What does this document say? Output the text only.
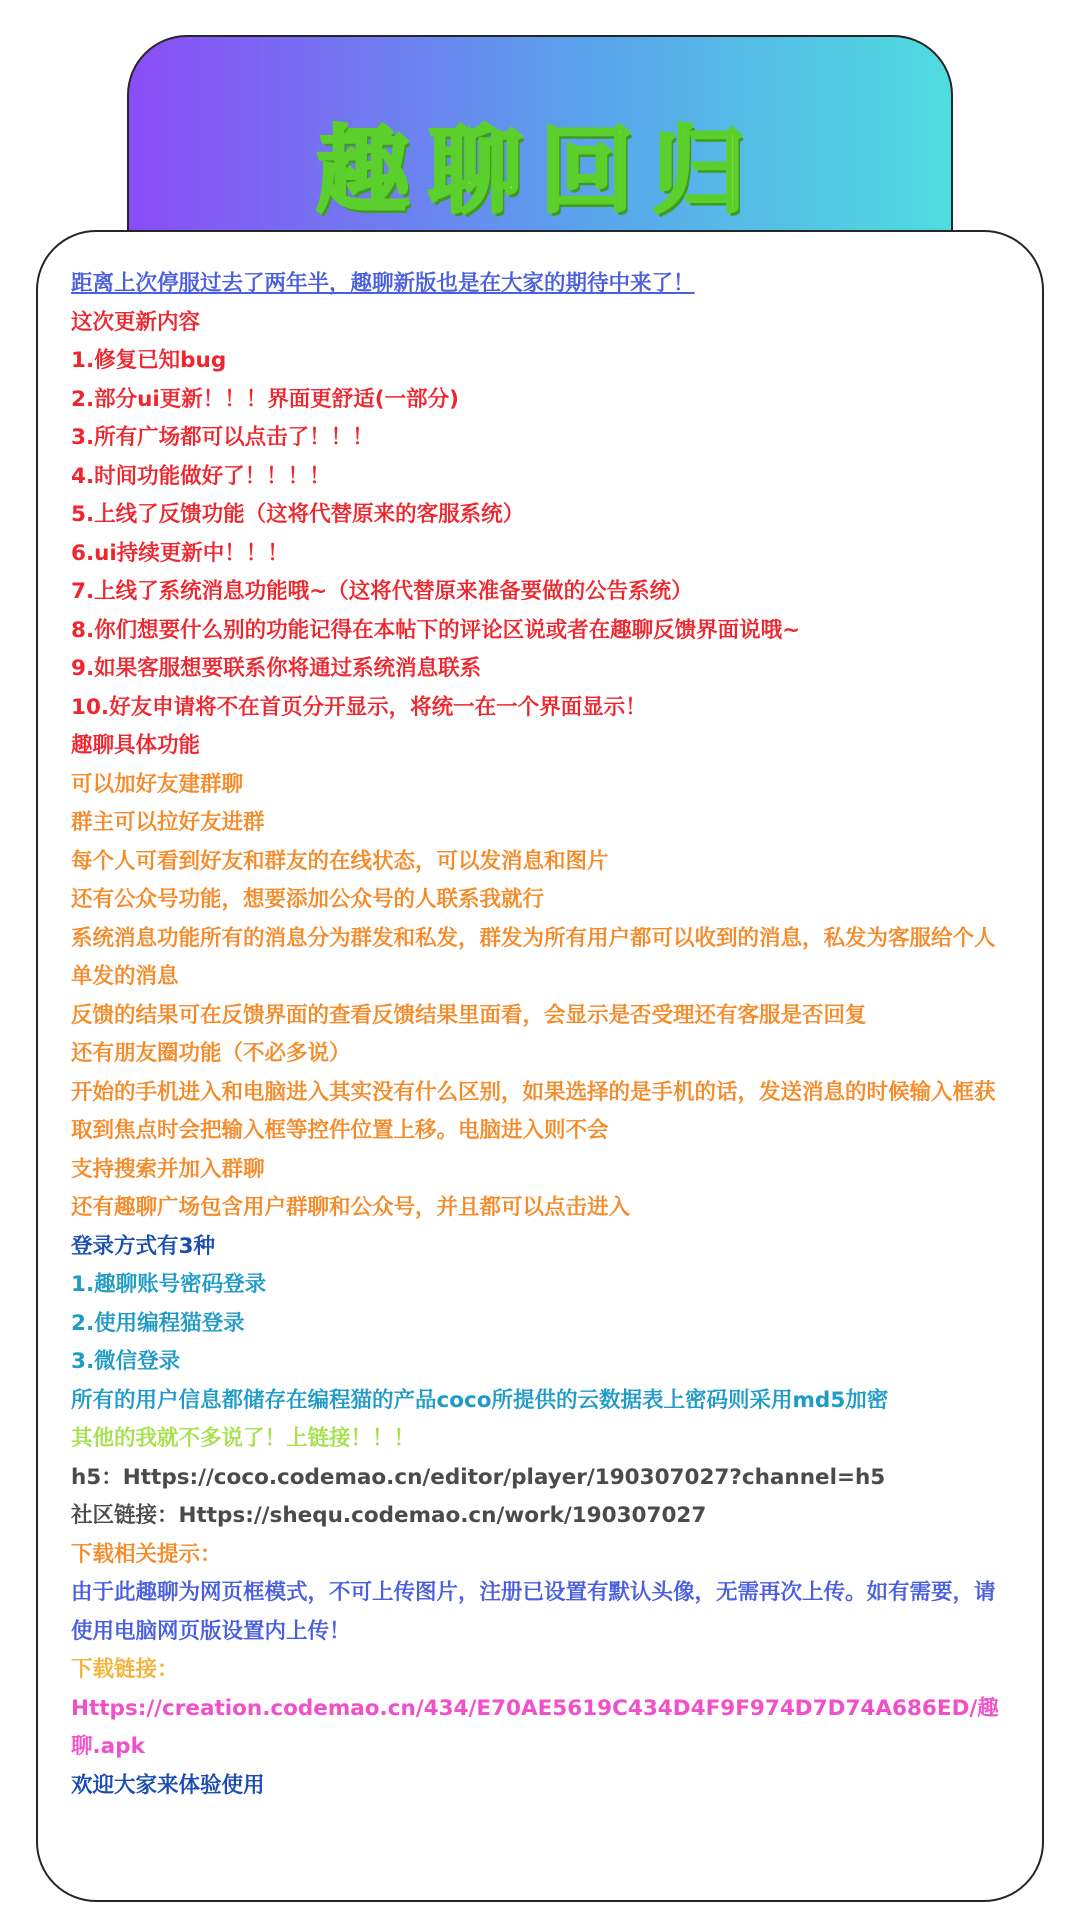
趣聊回归
距离上次停服过去了两年半，趣聊新版也是在大家的期待中来了！
这次更新内容
1.修复已知bug
2.部分ui更新！！！界面更舒适(一部分)
3.所有广场都可以点击了！！！
4.时间功能做好了！！！！
5.上线了反馈功能（这将代替原来的客服系统）
6.ui持续更新中！！！
7.上线了系统消息功能哦~（这将代替原来准备要做的公告系统）
8.你们想要什么别的功能记得在本帖下的评论区说或者在趣聊反馈界面说哦~
9.如果客服想要联系你将通过系统消息联系
10.好友申请将不在首页分开显示，将统一在一个界面显示！
趣聊具体功能
可以加好友建群聊
群主可以拉好友进群
每个人可看到好友和群友的在线状态，可以发消息和图片
还有公众号功能，想要添加公众号的人联系我就行
系统消息功能所有的消息分为群发和私发，群发为所有用户都可以收到的消息，私发为客服给个人单发的消息
反馈的结果可在反馈界面的查看反馈结果里面看，会显示是否受理还有客服是否回复
还有朋友圈功能（不必多说）
开始的手机进入和电脑进入其实没有什么区别，如果选择的是手机的话，发送消息的时候输入框获取到焦点时会把输入框等控件位置上移。电脑进入则不会
支持搜索并加入群聊
还有趣聊广场包含用户群聊和公众号，并且都可以点击进入
登录方式有3种
1.趣聊账号密码登录
2.使用编程猫登录
3.微信登录
所有的用户信息都储存在编程猫的产品coco所提供的云数据表上密码则采用md5加密
其他的我就不多说了！上链接！！！
h5：Https://coco.codemao.cn/editor/player/190307027?channel=h5
社区链接：Https://shequ.codemao.cn/work/190307027
下载相关提示：
由于此趣聊为网页框模式，不可上传图片，注册已设置有默认头像，无需再次上传。如有需要，请使用电脑网页版设置内上传！
下载链接：
Https://creation.codemao.cn/434/E70AE5619C434D4F9F974D7D74A686ED/趣聊.apk
欢迎大家来体验使用
